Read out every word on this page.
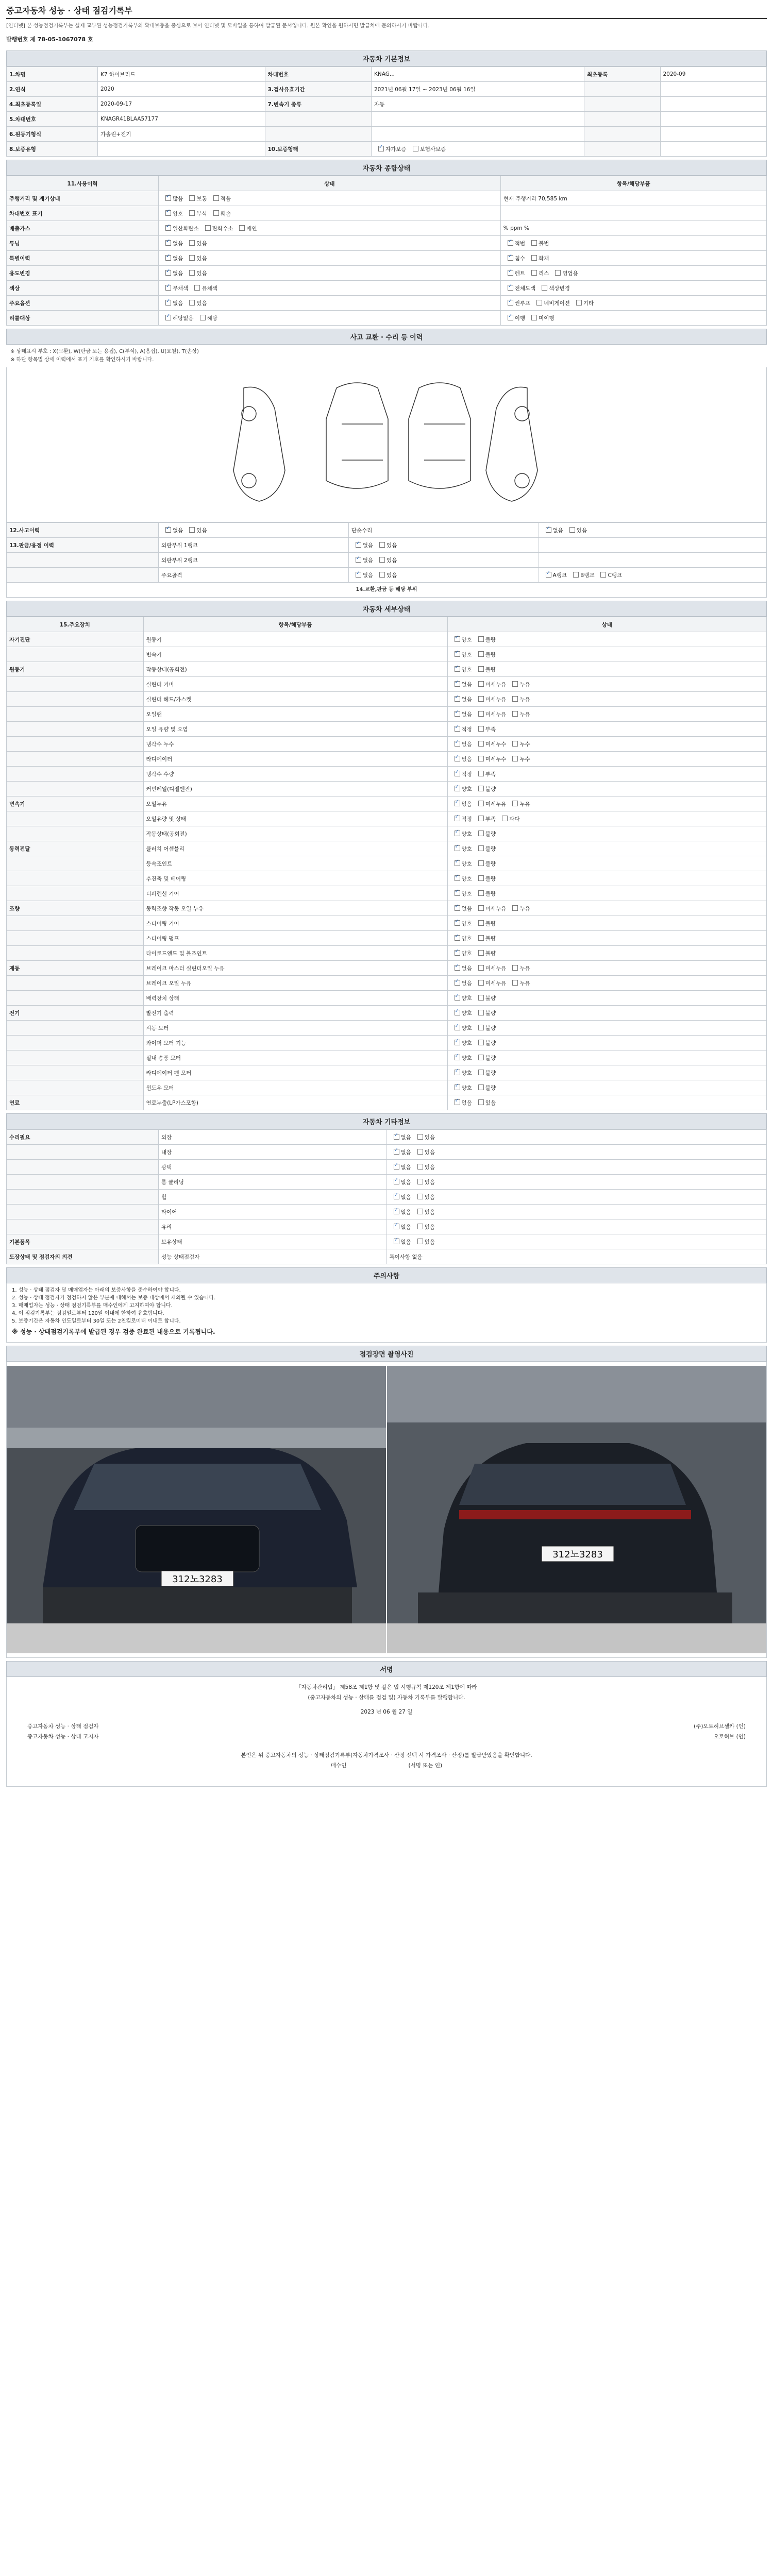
중고자동차 성능 · 상태 점검기록부
[인터넷] 본 성능점검기록부는 실제 교부된 성능점검기록부의 확대보충을 중심으로 보아 인터넷 및 모바일을 통하여 발급된 문서입니다. 원본 확인을 원하시면 발급처에 문의하시기 바랍니다.
발행번호 제 78-05-1067078 호
자동차 기본정보
1.차명	K7 하이브리드	차대번호	KNAG...	최초등록	2020-09
2.연식	2020	3.검사유효기간	2021년 06월 17일 ~ 2023년 06월 16일		
4.최초등록일	2020-09-17	7.변속기 종류	자동		
5.차대번호	KNAGR41BLAA57177				
6.원동기형식	가솔린+전기				
8.보증유형		10.보증형태	✓자가보증 보험사보증		
자동차 종합상태
11.사용이력	상태	항목/해당부품
주행거리 및 계기상태	✓많음 보통 적음	현재 주행거리 70,585 km
차대번호 표기	✓양호 부식 훼손	
배출가스	✓일산화탄소 탄화수소 매연	% ppm %
튜닝	✓없음 있음	✓적법 불법
특별이력	✓없음 있음	✓침수 화재
용도변경	✓없음 있음	✓렌트 리스 영업용
색상	✓무채색 유채색	✓전체도색 색상변경
주요옵션	✓없음 있음	✓썬루프 네비게이션 기타
리콜대상	✓해당없음 해당	✓이행 미이행
사고 교환 · 수리 등 이력
※ 상태표시 부호 : X(교환), W(판금 또는 용접), C(부식), A(흠집), U(요철), T(손상)
※ 하단 항목별 상세 이력에서 표기 기호를 확인하시기 바랍니다.
12.사고이력	✓없음 있음	단순수리	✓없음 있음
13.판금/용접 이력	외판부위 1랭크	✓없음 있음	
	외판부위 2랭크	✓없음 있음	
	주요골격	✓없음 있음	✓A랭크 B랭크 C랭크
14.교환,판금 등 해당 부위
자동차 세부상태
15.주요장치	항목/해당부품	상태
자기진단	원동기	✓양호 불량
	변속기	✓양호 불량
원동기	작동상태(공회전)	✓양호 불량
	실린더 커버	✓없음 미세누유 누유
	실린더 헤드/가스켓	✓없음 미세누유 누유
	오일팬	✓없음 미세누유 누유
	오일 유량 및 오염	✓적정 부족
	냉각수 누수	✓없음 미세누수 누수
	라디에이터	✓없음 미세누수 누수
	냉각수 수량	✓적정 부족
	커먼레일(디젤엔진)	✓양호 불량
변속기	오일누유	✓없음 미세누유 누유
	오일유량 및 상태	✓적정 부족 과다
	작동상태(공회전)	✓양호 불량
동력전달	클러치 어셈블리	✓양호 불량
	등속조인트	✓양호 불량
	추진축 및 베어링	✓양호 불량
	디퍼렌셜 기어	✓양호 불량
조향	동력조향 작동 오일 누유	✓없음 미세누유 누유
	스티어링 기어	✓양호 불량
	스티어링 펌프	✓양호 불량
	타이로드엔드 및 볼조인트	✓양호 불량
제동	브레이크 마스터 실린더오일 누유	✓없음 미세누유 누유
	브레이크 오일 누유	✓없음 미세누유 누유
	배력장치 상태	✓양호 불량
전기	발전기 출력	✓양호 불량
	시동 모터	✓양호 불량
	와이퍼 모터 기능	✓양호 불량
	실내 송풍 모터	✓양호 불량
	라디에이터 팬 모터	✓양호 불량
	윈도우 모터	✓양호 불량
연료	연료누출(LP가스포함)	✓없음 있음
자동차 기타정보
수리필요	외장	✓없음 있음
	내장	✓없음 있음
	광택	✓없음 있음
	룸 클리닝	✓없음 있음
	휠	✓없음 있음
	타이어	✓없음 있음
	유리	✓없음 있음
기본품목	보유상태	✓없음 있음
도장상태 및 점검자의 의견	성능 상태점검자	특이사항 없음
주의사항
1. 성능 · 상태 점검자 및 매매업자는 아래의 보증사항을 준수하여야 합니다.
2. 성능 · 상태 점검자가 점검하지 않은 부분에 대해서는 보증 대상에서 제외될 수 있습니다.
3. 매매업자는 성능 · 상태 점검기록부를 매수인에게 고지하여야 합니다.
4. 이 점검기록부는 점검일로부터 120일 이내에 한하여 유효합니다.
5. 보증기간은 자동차 인도일로부터 30일 또는 2천킬로미터 이내로 합니다.
※ 성능 · 상태점검기록부에 발급된 경우 검증 완료된 내용으로 기록됩니다.
점검장면 촬영사진
312노3283
312노3283
서명
「자동차관리법」 제58조 제1항 및 같은 법 시행규칙 제120조 제1항에 따라
(중고자동차의 성능 · 상태를 점검 및) 자동차 기록부를 발행합니다.
2023 년 06 월 27 일
중고자동차 성능 · 상태 점검자	(주)오토허브셀카 (인)
중고자동차 성능 · 상태 고지자	오토허브 (인)
본인은 위 중고자동차의 성능 · 상태점검기록부(자동차가격조사 · 산정 선택 시 가격조사 · 산정)를 발급받았음을 확인합니다.
매수인                                    (서명 또는 인)
